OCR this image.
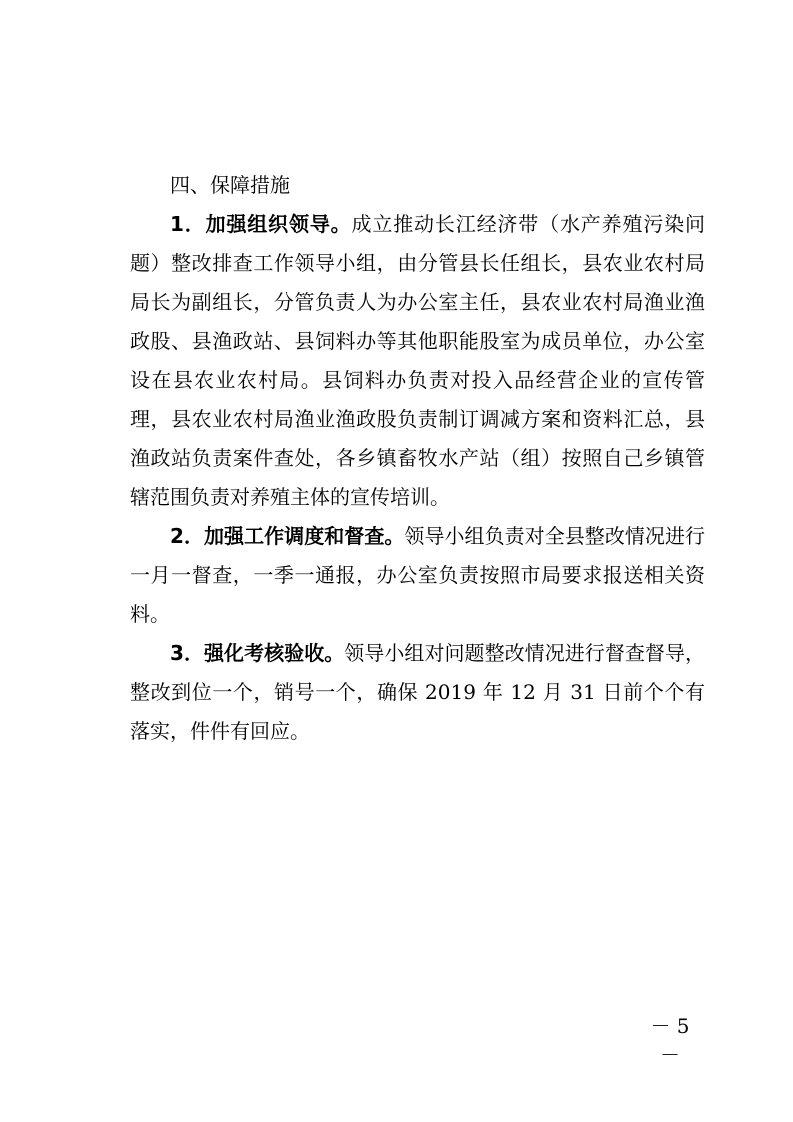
四、保障措施

1．加强组织领导。成立推动长江经济带（水产养殖污染问题）整改排查工作领导小组，由分管县长任组长，县农业农村局局长为副组长，分管负责人为办公室主任，县农业农村局渔业渔政股、县渔政站、县饲料办等其他职能股室为成员单位，办公室设在县农业农村局。县饲料办负责对投入品经营企业的宣传管理，县农业农村局渔业渔政股负责制订调减方案和资料汇总，县渔政站负责案件查处，各乡镇畜牧水产站（组）按照自己乡镇管辖范围负责对养殖主体的宣传培训。

2．加强工作调度和督查。领导小组负责对全县整改情况进行一月一督查，一季一通报，办公室负责按照市局要求报送相关资料。

3．强化考核验收。领导小组对问题整改情况进行督查督导，整改到位一个，销号一个，确保 2019 年 12 月 31 日前个个有落实，件件有回应。

－ 5 －
